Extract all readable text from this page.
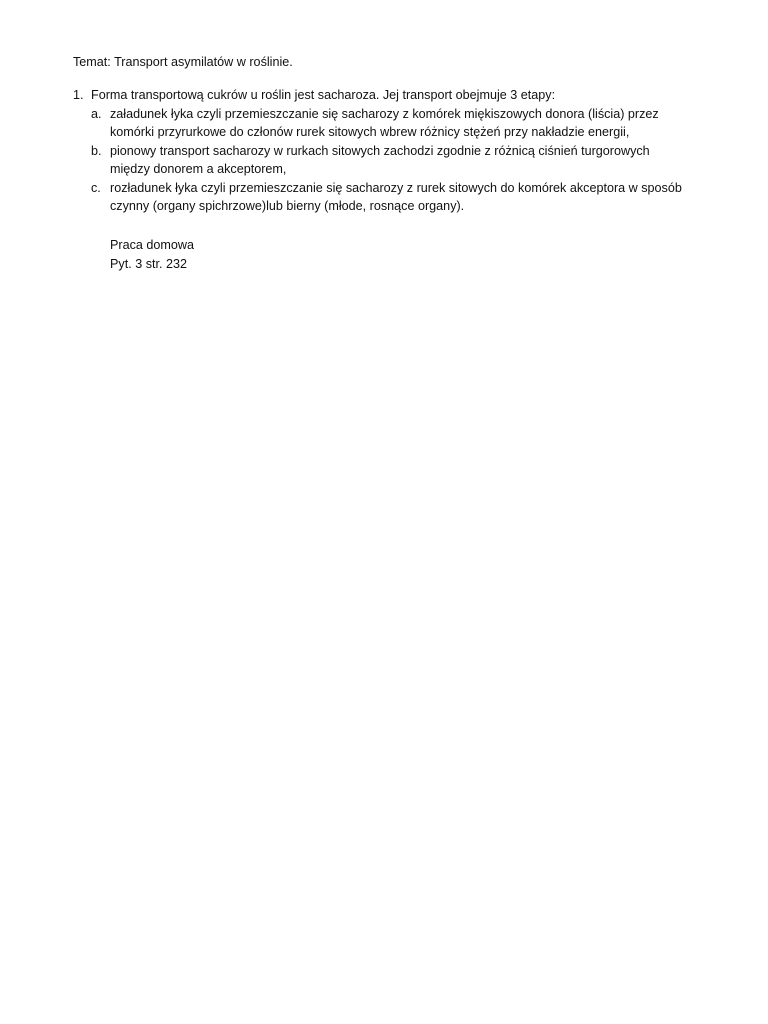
Temat: Transport asymilatów w roślinie.
1. Forma transportową cukrów u roślin jest sacharoza. Jej transport obejmuje 3 etapy:
a. załadunek łyka czyli przemieszczanie się sacharozy z komórek miękiszowych donora (liścia) przez
komórki przyrurkowe do członów rurek sitowych wbrew różnicy stężeń przy nakładzie energii,
b. pionowy transport sacharozy w rurkach sitowych zachodzi zgodnie z różnicą ciśnień turgorowych
między donorem a akceptorem,
c. rozładunek łyka czyli przemieszczanie się sacharozy z rurek sitowych do komórek akceptora w sposób
czynny (organy spichrzowe)lub bierny (młode, rosnące organy).
Praca domowa
Pyt. 3 str. 232
